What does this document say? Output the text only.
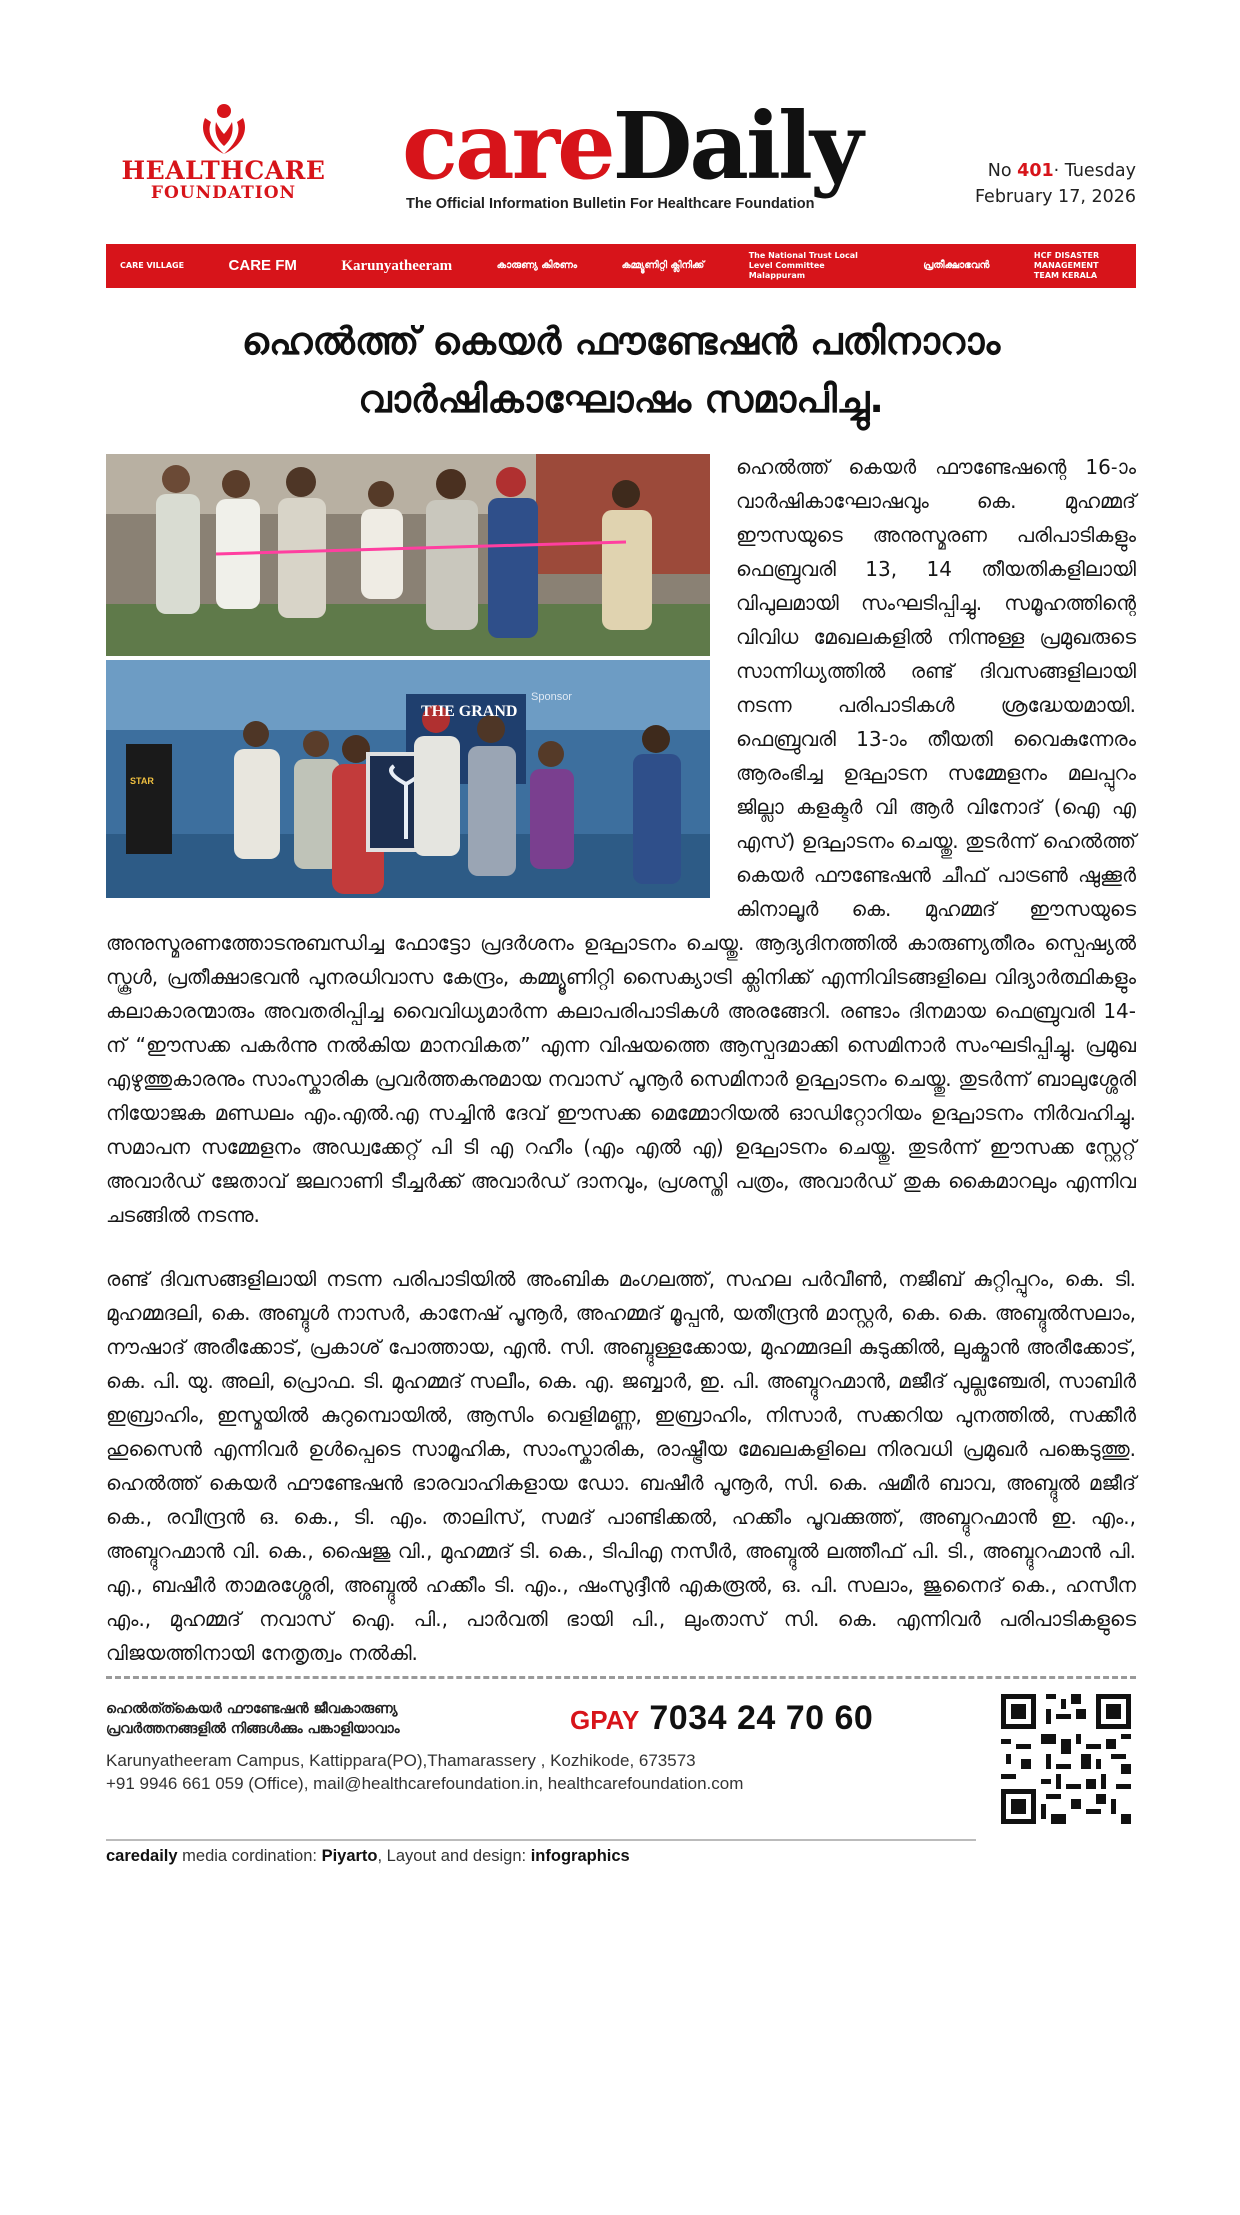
HEALTHCARE
FOUNDATION	careDaily
The Official Information Bulletin For Healthcare Foundation
No 401· Tuesday
February 17, 2026
CARE VILLAGE	CARE FM	Karunyatheeram	കാരുണ്യ കിരണം	കമ്മ്യൂണിറ്റി ക്ലിനിക്ക്
The National Trust Local Level Committee Malappuram
പ്രതീക്ഷാഭവൻ
HCF DISASTER MANAGEMENT TEAM KERALA
ഹെൽത്ത് കെയർ ഫൗണ്ടേഷൻ പതിനാറാം
വാർഷികാഘോഷം സമാപിച്ചു.
Sponsor
THE GRAND
STAR

ഹെൽത്ത് കെയർ ഫൗണ്ടേഷന്റെ 16-ാം വാർഷികാഘോഷവും കെ. മുഹമ്മദ് ഈസയുടെ അനുസ്മരണ പരിപാടികളും ഫെബ്രുവരി 13, 14 തീയതികളിലായി വിപുലമായി സംഘടിപ്പിച്ചു. സമൂഹത്തിന്റെ വിവിധ മേഖലകളിൽ നിന്നുള്ള പ്രമുഖരുടെ സാന്നിധ്യത്തിൽ രണ്ട് ദിവസങ്ങളിലായി നടന്ന പരിപാടികൾ ശ്രദ്ധേയമായി. ഫെബ്രുവരി 13-ാം തീയതി വൈകുന്നേരം ആരംഭിച്ച ഉദ്ഘാടന സമ്മേളനം മലപ്പുറം ജില്ലാ കളക്ടർ വി ആർ വിനോദ് (ഐ എ എസ്) ഉദ്ഘാടനം ചെയ്തു. തുടർന്ന് ഹെൽത്ത് കെയർ ഫൗണ്ടേഷൻ ചീഫ് പാട്രൺ ഷുക്കൂർ കിനാലൂർ കെ. മുഹമ്മദ് ഈസയുടെ അനുസ്മരണത്തോടനുബന്ധിച്ച ഫോട്ടോ പ്രദർശനം ഉദ്ഘാടനം ചെയ്തു. ആദ്യദിനത്തിൽ കാരുണ്യതീരം സ്പെഷ്യൽ സ്കൂൾ, പ്രതീക്ഷാഭവൻ പുനരധിവാസ കേന്ദ്രം, കമ്മ്യൂണിറ്റി സൈക്യാട്രി ക്ലിനിക്ക് എന്നിവിടങ്ങളിലെ വിദ്യാർത്ഥികളും കലാകാരന്മാരും അവതരിപ്പിച്ച വൈവിധ്യമാർന്ന കലാപരിപാടികൾ അരങ്ങേറി. രണ്ടാം ദിനമായ ഫെബ്രുവരി 14-ന് “ഈസക്ക പകർന്നു നൽകിയ മാനവികത” എന്ന വിഷയത്തെ ആസ്പദമാക്കി സെമിനാർ സംഘടിപ്പിച്ചു. പ്രമുഖ എഴുത്തുകാരനും സാംസ്കാരിക പ്രവർത്തകനുമായ നവാസ് പൂനൂർ സെമിനാർ ഉദ്ഘാടനം ചെയ്തു. തുടർന്ന് ബാലുശ്ശേരി നിയോജക മണ്ഡലം എം.എൽ.എ സച്ചിൻ ദേവ് ഈസക്ക മെമ്മോറിയൽ ഓഡിറ്റോറിയം ഉദ്ഘാടനം നിർവഹിച്ചു. സമാപന സമ്മേളനം അഡ്വക്കേറ്റ് പി ടി എ റഹീം (എം എൽ എ) ഉദ്ഘാടനം ചെയ്തു. തുടർന്ന് ഈസക്ക സ്റ്റേറ്റ് അവാർഡ് ജേതാവ് ജലറാണി ടീച്ചർക്ക് അവാർഡ് ദാനവും, പ്രശസ്തി പത്രം, അവാർഡ് തുക കൈമാറലും എന്നിവ ചടങ്ങിൽ നടന്നു.

രണ്ട് ദിവസങ്ങളിലായി നടന്ന പരിപാടിയിൽ അംബിക മംഗലത്ത്, സഹല പർവീൺ, നജീബ് കുറ്റിപ്പുറം, കെ. ടി. മുഹമ്മദലി, കെ. അബ്ദുൾ നാസർ, കാനേഷ് പൂനൂർ, അഹമ്മദ് മൂപ്പൻ, യതീന്ദ്രൻ മാസ്റ്റർ, കെ. കെ. അബ്ദുൽസലാം, നൗഷാദ് അരീക്കോട്, പ്രകാശ് പോത്തായ, എൻ. സി. അബ്ദുള്ളക്കോയ, മുഹമ്മദലി കുടുക്കിൽ, ലുക്മാൻ അരീക്കോട്, കെ. പി. യു. അലി, പ്രൊഫ. ടി. മുഹമ്മദ് സലീം, കെ. എ. ജബ്ബാർ, ഇ. പി. അബ്ദുറഹ്മാൻ, മജീദ് പുല്ലഞ്ചേരി, സാബിർ ഇബ്രാഹിം, ഇസ്മയിൽ കുറുമ്പൊയിൽ, ആസിം വെളിമണ്ണ, ഇബ്രാഹിം, നിസാർ, സക്കറിയ പുനത്തിൽ, സക്കീർ ഹുസൈൻ എന്നിവർ ഉൾപ്പെടെ സാമൂഹിക, സാംസ്കാരിക, രാഷ്ട്രീയ മേഖലകളിലെ നിരവധി പ്രമുഖർ പങ്കെടുത്തു. ഹെൽത്ത് കെയർ ഫൗണ്ടേഷൻ ഭാരവാഹികളായ ഡോ. ബഷീർ പൂനൂർ, സി. കെ. ഷമീർ ബാവ, അബ്ദുൽ മജീദ് കെ., രവീന്ദ്രൻ ഒ. കെ., ടി. എം. താലിസ്, സമദ് പാണ്ടിക്കൽ, ഹക്കീം പൂവക്കുത്ത്, അബ്ദുറഹ്മാൻ ഇ. എം., അബ്ദുറഹ്മാൻ വി. കെ., ഷൈജു വി., മുഹമ്മദ് ടി. കെ., ടിപിഎ നസീർ, അബ്ദുൽ ലത്തീഫ് പി. ടി., അബ്ദുറഹ്മാൻ പി. എ., ബഷീർ താമരശ്ശേരി, അബ്ദുൽ ഹക്കീം ടി. എം., ഷംസുദ്ദീൻ എകരൂൽ, ഒ. പി. സലാം, ജുനൈദ് കെ., ഹസീന എം., മുഹമ്മദ് നവാസ് ഐ. പി., പാർവതി ഭായി പി., ലുംതാസ് സി. കെ. എന്നിവർ പരിപാടികളുടെ വിജയത്തിനായി നേതൃത്വം നൽകി.

ഹെൽത്ത്കെയർ ഫൗണ്ടേഷൻ ജീവകാരുണ്യ
പ്രവർത്തനങ്ങളിൽ നിങ്ങൾക്കും പങ്കാളിയാവാം	GPAY 7034 24 70 60
Karunyatheeram Campus, Kattippara(PO),Thamarassery , Kozhikode, 673573
+91 9946 661 059 (Office), mail@healthcarefoundation.in, healthcarefoundation.com
caredaily media cordination: Piyarto, Layout and design: infographics
